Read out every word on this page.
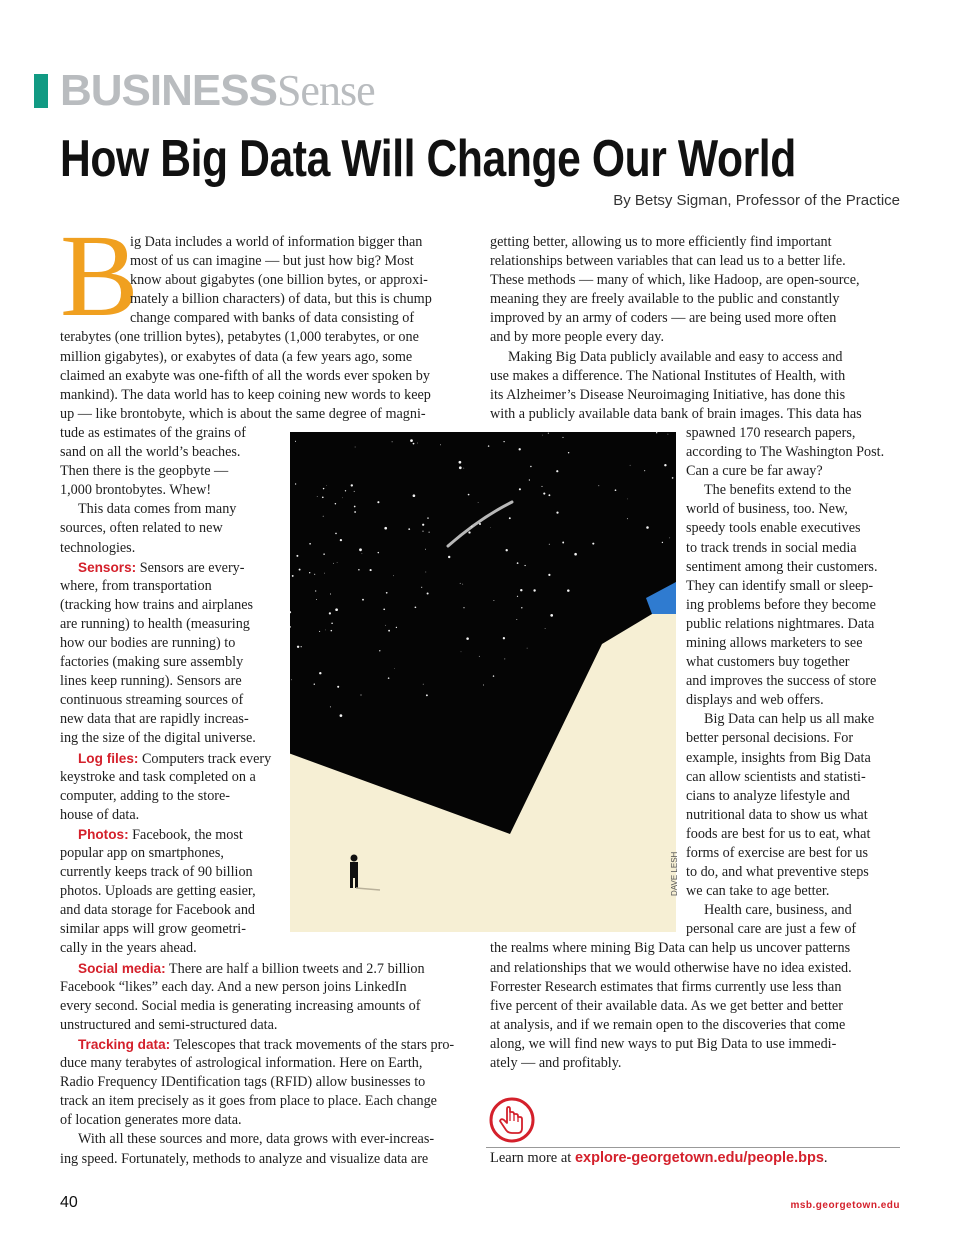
BUSINESSSense
How Big Data Will Change Our World
By Betsy Sigman, Professor of the Practice
B
ig Data includes a world of information bigger than
most of us can imagine — but just how big? Most
know about gigabytes (one billion bytes, or approxi-
mately a billion characters) of data, but this is chump
change compared with banks of data consisting of
terabytes (one trillion bytes), petabytes (1,000 terabytes, or one
million gigabytes), or exabytes of data (a few years ago, some
claimed an exabyte was one-fifth of all the words ever spoken by
mankind). The data world has to keep coining new words to keep
up — like brontobyte, which is about the same degree of magni-
tude as estimates of the grains of
sand on all the world’s beaches.
Then there is the geopbyte —
1,000 brontobytes. Whew!
This data comes from many
sources, often related to new
technologies.
Sensors: Sensors are every-
where, from transportation
(tracking how trains and airplanes
are running) to health (measuring
how our bodies are running) to
factories (making sure assembly
lines keep running). Sensors are
continuous streaming sources of
new data that are rapidly increas-
ing the size of the digital universe.
Log files: Computers track every
keystroke and task completed on a
computer, adding to the store-
house of data.
Photos: Facebook, the most
popular app on smartphones,
currently keeps track of 90 billion
photos. Uploads are getting easier,
and data storage for Facebook and
similar apps will grow geometri-
cally in the years ahead.
Social media: There are half a billion tweets and 2.7 billion
Facebook “likes” each day. And a new person joins LinkedIn
every second. Social media is generating increasing amounts of
unstructured and semi-structured data.
Tracking data: Telescopes that track movements of the stars pro-
duce many terabytes of astrological information. Here on Earth,
Radio Frequency IDentification tags (RFID) allow businesses to
track an item precisely as it goes from place to place. Each change
of location generates more data.
With all these sources and more, data grows with ever-increas-
ing speed. Fortunately, methods to analyze and visualize data are
getting better, allowing us to more efficiently find important
relationships between variables that can lead us to a better life.
These methods — many of which, like Hadoop, are open-source,
meaning they are freely available to the public and constantly
improved by an army of coders — are being used more often
and by more people every day.
Making Big Data publicly available and easy to access and
use makes a difference. The National Institutes of Health, with
its Alzheimer’s Disease Neuroimaging Initiative, has done this
with a publicly available data bank of brain images. This data has
spawned 170 research papers,
according to The Washington Post.
Can a cure be far away?
The benefits extend to the
world of business, too. New,
speedy tools enable executives
to track trends in social media
sentiment among their customers.
They can identify small or sleep-
ing problems before they become
public relations nightmares. Data
mining allows marketers to see
what customers buy together
and improves the success of store
displays and web offers.
Big Data can help us all make
better personal decisions. For
example, insights from Big Data
can allow scientists and statisti-
cians to analyze lifestyle and
nutritional data to show us what
foods are best for us to eat, what
forms of exercise are best for us
to do, and what preventive steps
we can take to age better.
Health care, business, and
personal care are just a few of
the realms where mining Big Data can help us uncover patterns
and relationships that we would otherwise have no idea existed.
Forrester Research estimates that firms currently use less than
five percent of their available data. As we get better and better
at analysis, and if we remain open to the discoveries that come
along, we will find new ways to put Big Data to use immedi-
ately — and profitably.
DAVE LESH
Learn more at explore-georgetown.edu/people.bps.
40	msb.georgetown.edu
